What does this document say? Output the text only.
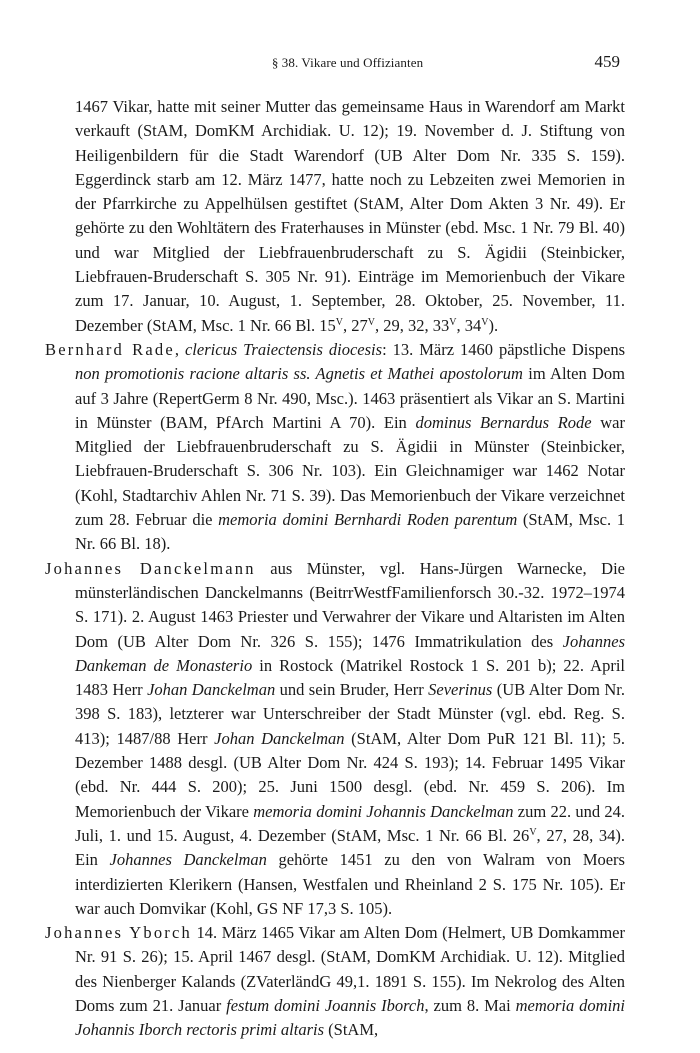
§ 38. Vikare und Offizianten	459

1467 Vikar, hatte mit seiner Mutter das gemeinsame Haus in Warendorf am Markt verkauft (StAM, DomKM Archidiak. U. 12); 19. November d. J. Stiftung von Heiligenbildern für die Stadt Warendorf (UB Alter Dom Nr. 335 S. 159). Eggerdinck starb am 12. März 1477, hatte noch zu Lebzeiten zwei Memorien in der Pfarrkirche zu Appelhülsen gestiftet (StAM, Alter Dom Akten 3 Nr. 49). Er gehörte zu den Wohltätern des Fraterhauses in Münster (ebd. Msc. 1 Nr. 79 Bl. 40) und war Mitglied der Liebfrauenbruderschaft zu S. Ägidii (Steinbicker, Liebfrauen-Bruderschaft S. 305 Nr. 91). Einträge im Memorienbuch der Vikare zum 17. Januar, 10. August, 1. September, 28. Oktober, 25. November, 11. Dezember (StAM, Msc. 1 Nr. 66 Bl. $15^V$, $27^V$, 29, 32, $33^V$, $34^V$).

Bernhard Rade, clericus Traiectensis diocesis: 13. März 1460 päpstliche Dispens non promotionis racione altaris ss. Agnetis et Mathei apostolorum im Alten Dom auf 3 Jahre (RepertGerm 8 Nr. 490, Msc.). 1463 präsentiert als Vikar an S. Martini in Münster (BAM, PfArch Martini A 70). Ein dominus Bernardus Rode war Mitglied der Liebfrauenbruderschaft zu S. Ägidii in Münster (Steinbicker, Liebfrauen-Bruderschaft S. 306 Nr. 103). Ein Gleichnamiger war 1462 Notar (Kohl, Stadtarchiv Ahlen Nr. 71 S. 39). Das Memorienbuch der Vikare verzeichnet zum 28. Februar die memoria domini Bernhardi Roden parentum (StAM, Msc. 1 Nr. 66 Bl. 18).

Johannes Danckelmann aus Münster, vgl. Hans-Jürgen Warnecke, Die münsterländischen Danckelmanns (BeitrrWestfFamilienforsch 30.-32. 1972–1974 S. 171). 2. August 1463 Priester und Verwahrer der Vikare und Altaristen im Alten Dom (UB Alter Dom Nr. 326 S. 155); 1476 Immatrikulation des Johannes Dankeman de Monasterio in Rostock (Matrikel Rostock 1 S. 201 b); 22. April 1483 Herr Johan Danckelman und sein Bruder, Herr Severinus (UB Alter Dom Nr. 398 S. 183), letzterer war Unterschreiber der Stadt Münster (vgl. ebd. Reg. S. 413); 1487/88 Herr Johan Danckelman (StAM, Alter Dom PuR 121 Bl. 11); 5. Dezember 1488 desgl. (UB Alter Dom Nr. 424 S. 193); 14. Februar 1495 Vikar (ebd. Nr. 444 S. 200); 25. Juni 1500 desgl. (ebd. Nr. 459 S. 206). Im Memorienbuch der Vikare memoria domini Johannis Danckelman zum 22. und 24. Juli, 1. und 15. August, 4. Dezember (StAM, Msc. 1 Nr. 66 Bl. $26^V$, 27, 28, 34). Ein Johannes Danckelman gehörte 1451 zu den von Walram von Moers interdizierten Klerikern (Hansen, Westfalen und Rheinland 2 S. 175 Nr. 105). Er war auch Domvikar (Kohl, GS NF 17,3 S. 105).

Johannes Yborch 14. März 1465 Vikar am Alten Dom (Helmert, UB Domkammer Nr. 91 S. 26); 15. April 1467 desgl. (StAM, DomKM Archidiak. U. 12). Mitglied des Nienberger Kalands (ZVaterländG 49,1. 1891 S. 155). Im Nekrolog des Alten Doms zum 21. Januar festum domini Joannis Iborch, zum 8. Mai memoria domini Johannis Iborch rectoris primi altaris (StAM,
